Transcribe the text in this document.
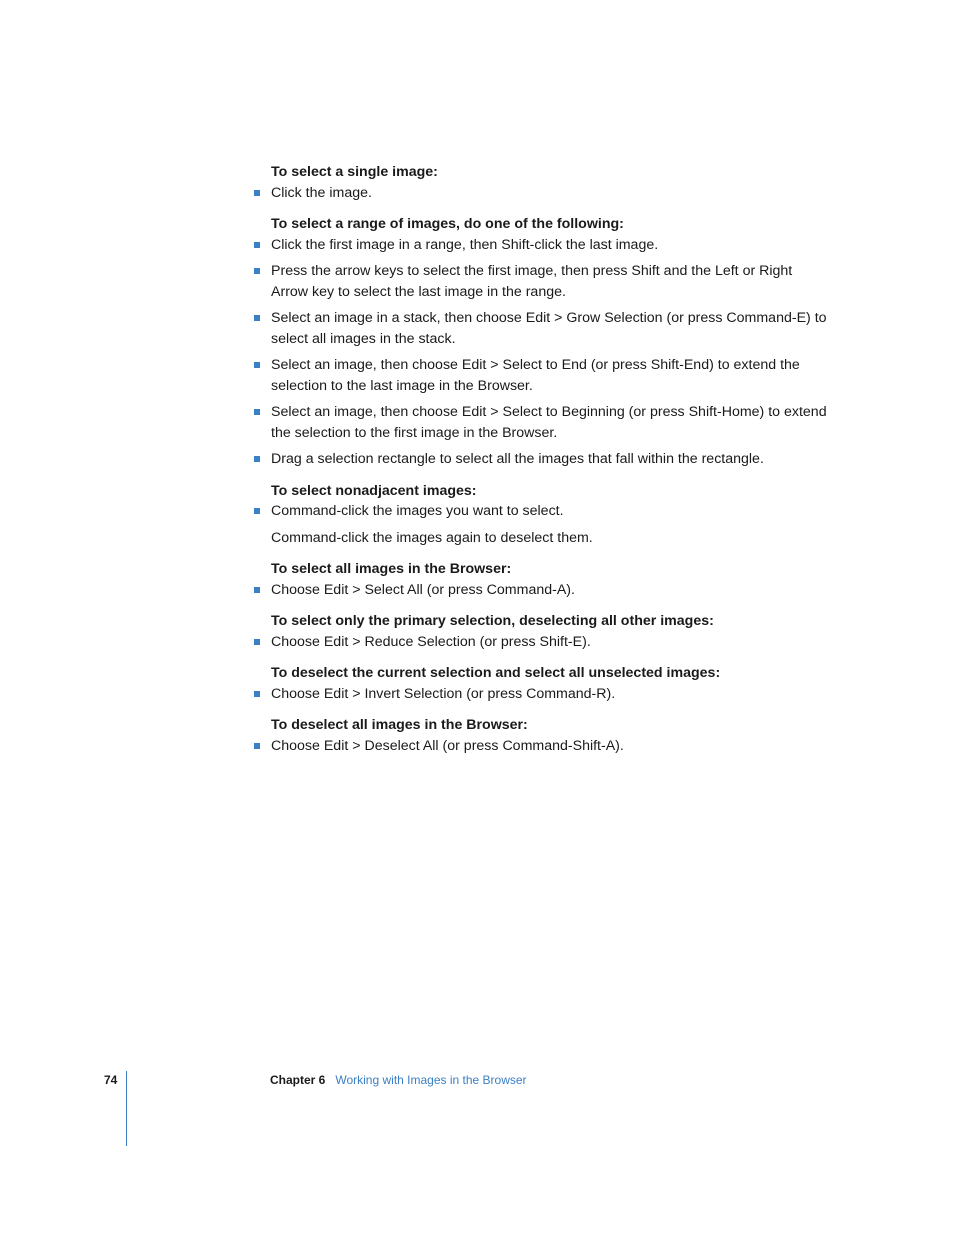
To select a single image:

Click the image.

To select a range of images, do one of the following:

Click the first image in a range, then Shift-click the last image.
Press the arrow keys to select the first image, then press Shift and the Left or Right Arrow key to select the last image in the range.
Select an image in a stack, then choose Edit > Grow Selection (or press Command-E) to select all images in the stack.
Select an image, then choose Edit > Select to End (or press Shift-End) to extend the selection to the last image in the Browser.
Select an image, then choose Edit > Select to Beginning (or press Shift-Home) to extend the selection to the first image in the Browser.
Drag a selection rectangle to select all the images that fall within the rectangle.

To select nonadjacent images:

Command-click the images you want to select.

Command-click the images again to deselect them.

To select all images in the Browser:

Choose Edit > Select All (or press Command-A).

To select only the primary selection, deselecting all other images:

Choose Edit > Reduce Selection (or press Shift-E).

To deselect the current selection and select all unselected images:

Choose Edit > Invert Selection (or press Command-R).

To deselect all images in the Browser:

Choose Edit > Deselect All (or press Command-Shift-A).
74	Chapter 6 Working with Images in the Browser
